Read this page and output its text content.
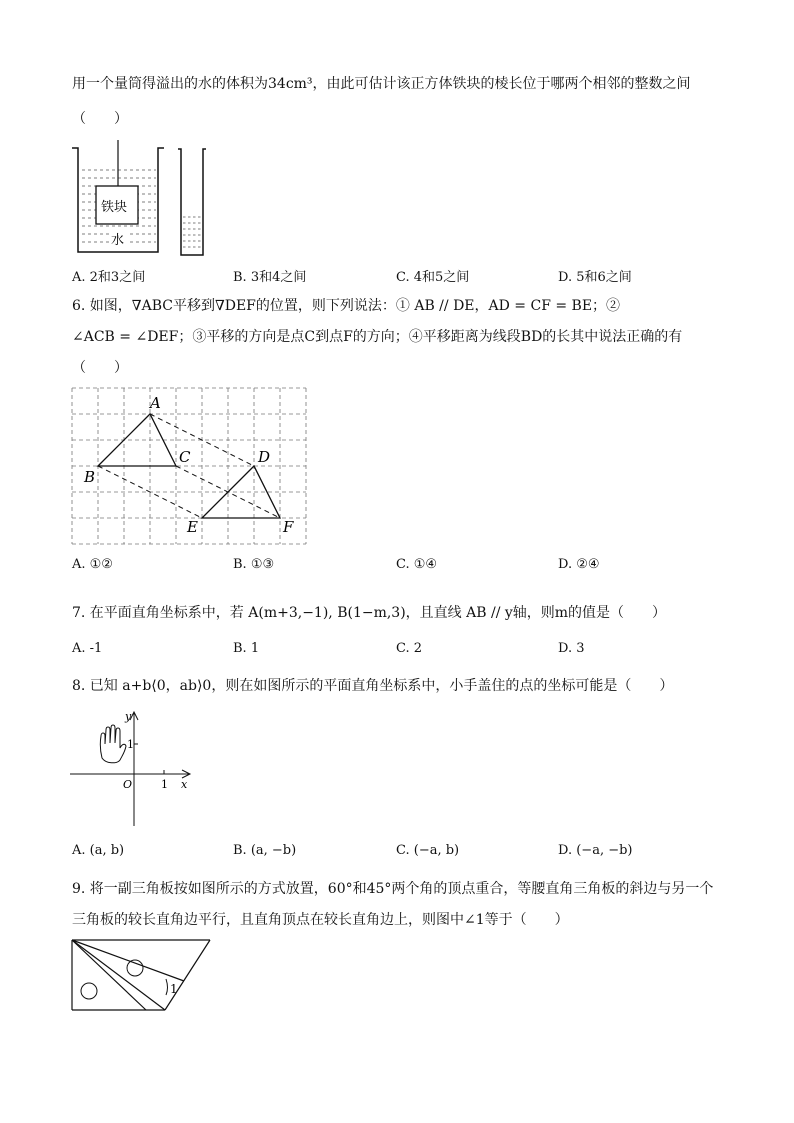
用一个量筒得溢出的水的体积为34cm³，由此可估计该正方体铁块的棱长位于哪两个相邻的整数之间
（　　）
铁块
水
A. 2和3之间	B. 3和4之间	C. 4和5之间	D. 5和6之间
6. 如图，∇ABC平移到∇DEF的位置，则下列说法：① AB // DE，AD = CF = BE；②
∠ACB = ∠DEF；③平移的方向是点C到点F的方向；④平移距离为线段BD的长其中说法正确的有
（　　）
A
B
C	D
E	F
A. ①②	B. ①③	C. ①④	D. ②④
7. 在平面直角坐标系中，若 A(m+3,−1), B(1−m,3)，且直线 AB // y轴，则m的值是（　　）
A. -1	B. 1	C. 2	D. 3
8. 已知 a+b⟨0，ab⟩0，则在如图所示的平面直角坐标系中，小手盖住的点的坐标可能是（　　）
y
1
O	1 x
A. (a, b)	B. (a, −b)	C. (−a, b)	D. (−a, −b)
9. 将一副三角板按如图所示的方式放置，60°和45°两个角的顶点重合，等腰直角三角板的斜边与另一个
三角板的较长直角边平行，且直角顶点在较长直角边上，则图中∠1等于（　　）
1
